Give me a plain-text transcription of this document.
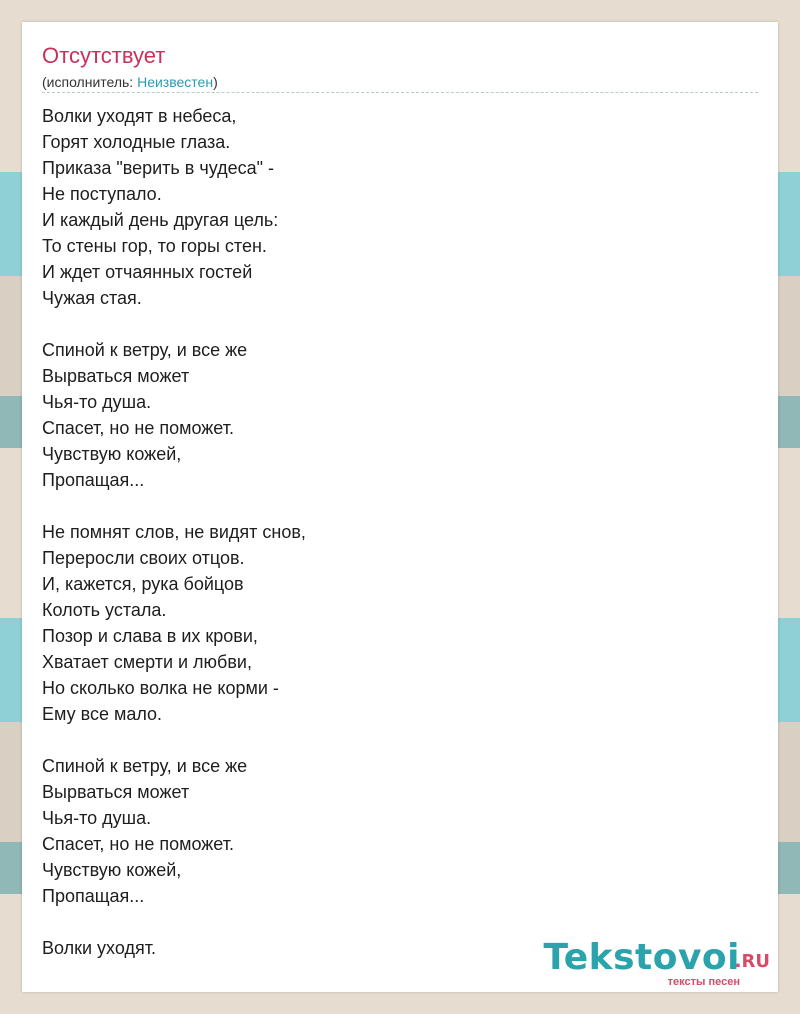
Отсутствует
(исполнитель: Неизвестен)
Волки уходят в небеса,
Горят холодные глаза.
Приказа "верить в чудеса" -
Не поступало.
И каждый день другая цель:
То стены гор, то горы стен.
И ждет отчаянных гостей
Чужая стая.
Спиной к ветру, и все же
Вырваться может
Чья-то душа.
Спасет, но не поможет.
Чувствую кожей,
Пропащая...
Не помнят слов, не видят снов,
Переросли своих отцов.
И, кажется, рука бойцов
Колоть устала.
Позор и слава в их крови,
Хватает смерти и любви,
Но сколько волка не корми -
Ему все мало.
Спиной к ветру, и все же
Вырваться может
Чья-то душа.
Спасет, но не поможет.
Чувствую кожей,
Пропащая...
Волки уходят.	Tekstovoi
.RU
тексты песен
